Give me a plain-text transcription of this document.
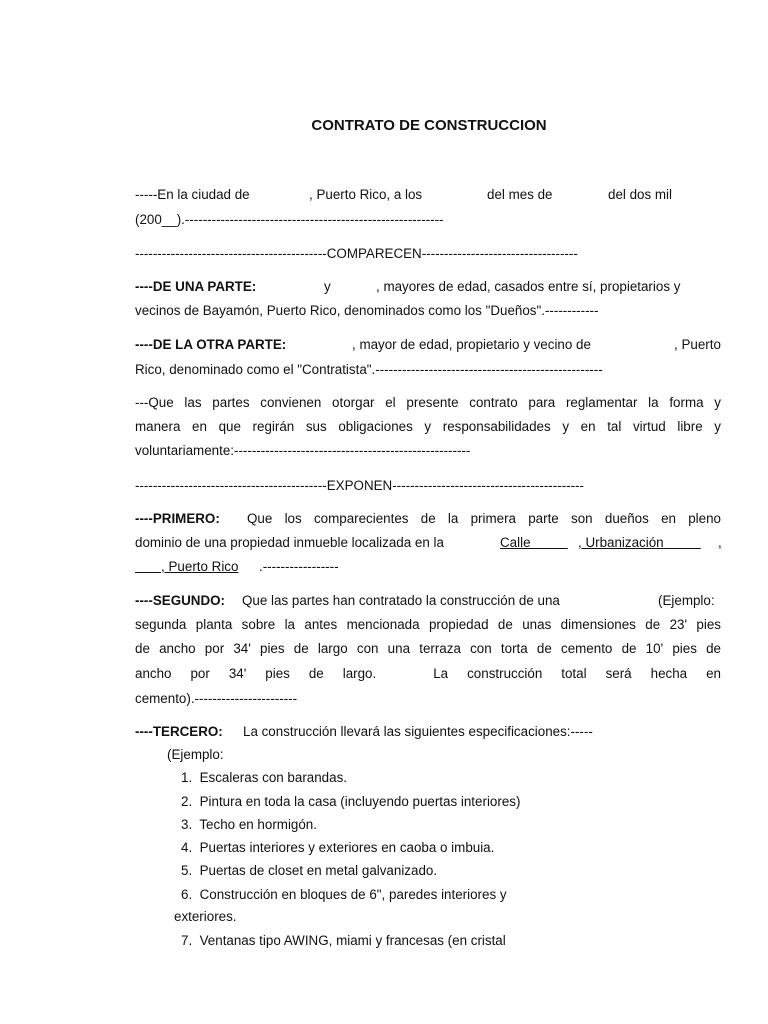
CONTRATO DE CONSTRUCCION
-----En la ciudad de	, Puerto Rico, a los	del mes de	del dos mil
(200__).----------------------------------------------------------
-------------------------------------------COMPARECEN-----------------------------------
----DE UNA PARTE:	y	, mayores de edad, casados entre sí, propietarios y
vecinos de Bayamón, Puerto Rico, denominados como los "Dueños".------------
----DE LA OTRA PARTE:	, mayor de edad, propietario y vecino de	, Puerto
Rico, denominado como el "Contratista".---------------------------------------------------
---Que las partes convienen otorgar el presente contrato para reglamentar la forma y
manera en que regirán sus obligaciones y responsabilidades y en tal virtud libre y
voluntariamente:-----------------------------------------------------
-------------------------------------------EXPONEN-------------------------------------------
----PRIMERO: Que los comparecientes de la primera parte son dueños en pleno
dominio de una propiedad inmueble localizada en la	Calle	, Urbanización	,
, Puerto Rico .-----------------
----SEGUNDO: Que las partes han contratado la construcción de una	(Ejemplo:
segunda planta sobre la antes mencionada propiedad de unas dimensiones de 23' pies
de ancho por 34' pies de largo con una terraza con torta de cemento de 10' pies de
ancho por 34' pies de largo.   La construcción total será hecha en
cemento).-----------------------
----TERCERO: La construcción llevará las siguientes especificaciones:-----
(Ejemplo:
1.  Escaleras con barandas.
2.  Pintura en toda la casa (incluyendo puertas interiores)
3.  Techo en hormigón.
4.  Puertas interiores y exteriores en caoba o imbuia.
5.  Puertas de closet en metal galvanizado.
6.  Construcción en bloques de 6", paredes interiores y
exteriores.
7.  Ventanas tipo AWING, miami y francesas (en cristal
